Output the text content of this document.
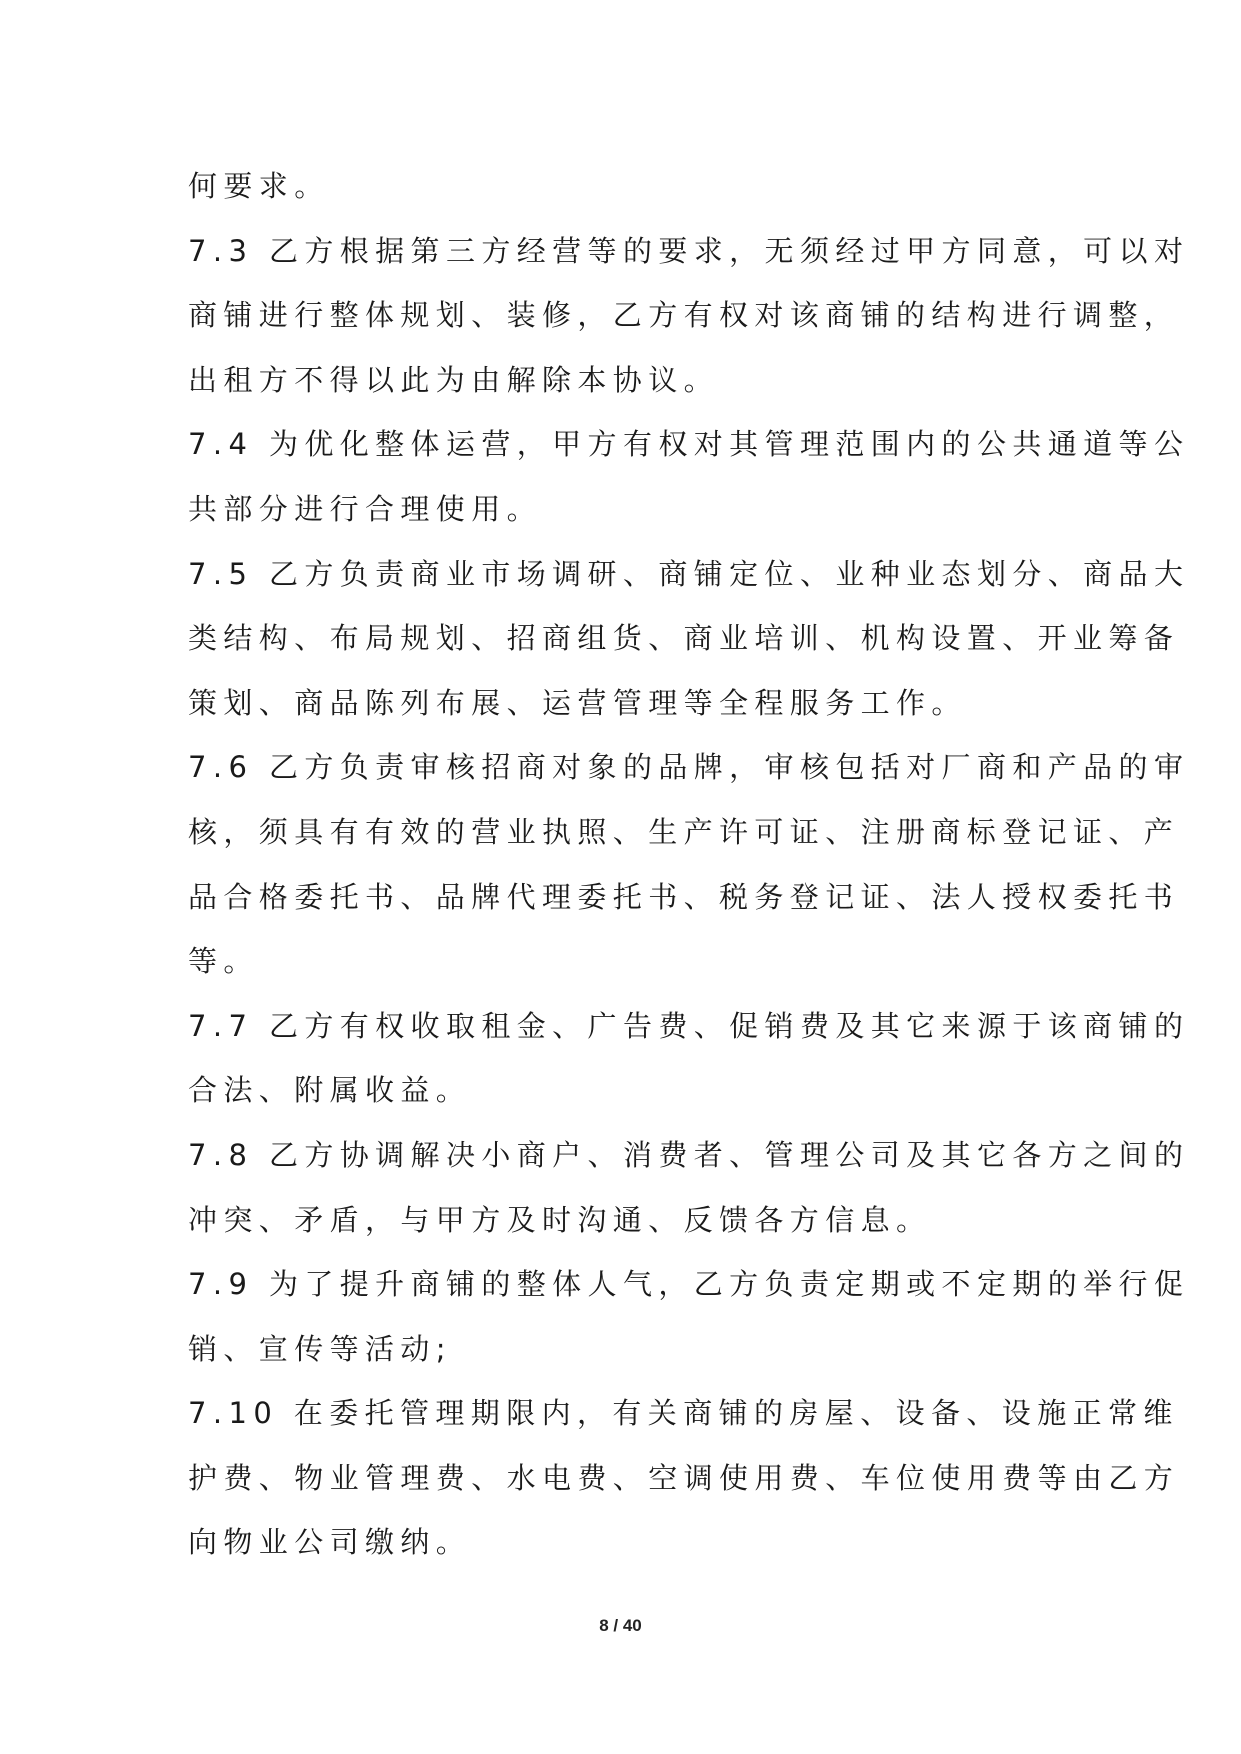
何要求。
7.3 乙方根据第三方经营等的要求，无须经过甲方同意，可以对
商铺进行整体规划、装修，乙方有权对该商铺的结构进行调整，
出租方不得以此为由解除本协议。
7.4 为优化整体运营，甲方有权对其管理范围内的公共通道等公
共部分进行合理使用。
7.5 乙方负责商业市场调研、商铺定位、业种业态划分、商品大
类结构、布局规划、招商组货、商业培训、机构设置、开业筹备
策划、商品陈列布展、运营管理等全程服务工作。
7.6 乙方负责审核招商对象的品牌，审核包括对厂商和产品的审
核，须具有有效的营业执照、生产许可证、注册商标登记证、产
品合格委托书、品牌代理委托书、税务登记证、法人授权委托书
等。
7.7 乙方有权收取租金、广告费、促销费及其它来源于该商铺的
合法、附属收益。
7.8 乙方协调解决小商户、消费者、管理公司及其它各方之间的
冲突、矛盾，与甲方及时沟通、反馈各方信息。
7.9 为了提升商铺的整体人气，乙方负责定期或不定期的举行促
销、宣传等活动;
7.10 在委托管理期限内，有关商铺的房屋、设备、设施正常维
护费、物业管理费、水电费、空调使用费、车位使用费等由乙方
向物业公司缴纳。
8 / 40
